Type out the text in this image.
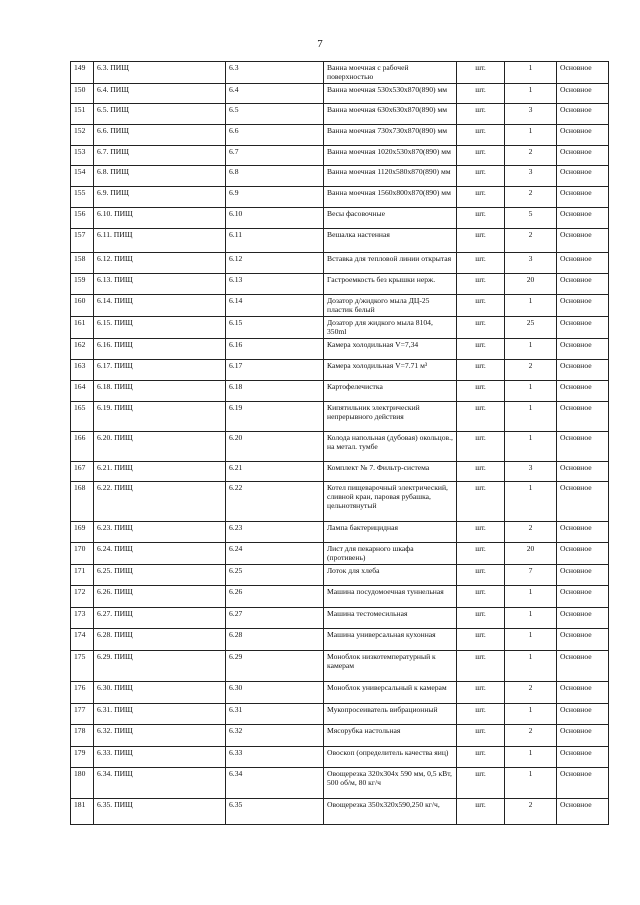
7
149	6.3. ПИЩ	6.3	Ванна моечная с рабочей поверхностью	шт.	1	Основное
150	6.4. ПИЩ	6.4	Ванна моечная 530х530х870(890) мм	шт.	1	Основное
151	6.5. ПИЩ	6.5	Ванна моечная 630х630х870(890) мм	шт.	3	Основное
152	6.6. ПИЩ	6.6	Ванна моечная 730х730х870(890) мм	шт.	1	Основное
153	6.7. ПИЩ	6.7	Ванна моечная 1020х530х870(890) мм	шт.	2	Основное
154	6.8. ПИЩ	6.8	Ванна моечная 1120х580х870(890) мм	шт.	3	Основное
155	6.9. ПИЩ	6.9	Ванна моечная 1560х800х870(890) мм	шт.	2	Основное
156	6.10. ПИЩ	6.10	Весы фасовочные	шт.	5	Основное
157	6.11. ПИЩ	6.11	Вешалка настенная	шт.	2	Основное
158	6.12. ПИЩ	6.12	Вставка для тепловой линии открытая	шт.	3	Основное
159	6.13. ПИЩ	6.13	Гастроемкость без крышки нерж.	шт.	20	Основное
160	6.14. ПИЩ	6.14	Дозатор д/жидкого мыла ДЦ-25 пластик белый	шт.	1	Основное
161	6.15. ПИЩ	6.15	Дозатор для жидкого мыла 8104, 350ml	шт.	25	Основное
162	6.16. ПИЩ	6.16	Камера холодильная V=7,34	шт.	1	Основное
163	6.17. ПИЩ	6.17	Камера холодильная V=7.71 м³	шт.	2	Основное
164	6.18. ПИЩ	6.18	Картофелечистка	шт.	1	Основное
165	6.19. ПИЩ	6.19	Кипятильник электрический непрерывного действия	шт.	1	Основное
166	6.20. ПИЩ	6.20	Колода напольная (дубовая) окольцов., на метал. тумбе	шт.	1	Основное
167	6.21. ПИЩ	6.21	Комплект № 7. Фильтр-система	шт.	3	Основное
168	6.22. ПИЩ	6.22	Котел пищеварочный электрический, сливной кран, паровая рубашка, цельнотянутый	шт.	1	Основное
169	6.23. ПИЩ	6.23	Лампа бактерицидная	шт.	2	Основное
170	6.24. ПИЩ	6.24	Лист для пекарного шкафа (противень)	шт.	20	Основное
171	6.25. ПИЩ	6.25	Лоток для хлеба	шт.	7	Основное
172	6.26. ПИЩ	6.26	Машина посудомоечная туннельная	шт.	1	Основное
173	6.27. ПИЩ	6.27	Машина тестомесильная	шт.	1	Основное
174	6.28. ПИЩ	6.28	Машина универсальная кухонная	шт.	1	Основное
175	6.29. ПИЩ	6.29	Моноблок низкотемпературный к камерам	шт.	1	Основное
176	6.30. ПИЩ	6.30	Моноблок универсальный к камерам	шт.	2	Основное
177	6.31. ПИЩ	6.31	Мукопросеиватель вибрационный	шт.	1	Основное
178	6.32. ПИЩ	6.32	Мясорубка настольная	шт.	2	Основное
179	6.33. ПИЩ	6.33	Овоскоп (определитель качества яиц)	шт.	1	Основное
180	6.34. ПИЩ	6.34	Овощерезка 320х304х 590 мм, 0,5 кВт, 500 об/м, 80 кг/ч	шт.	1	Основное
181	6.35. ПИЩ	6.35	Овощерезка 350х320х590,250 кг/ч,	шт.	2	Основное
